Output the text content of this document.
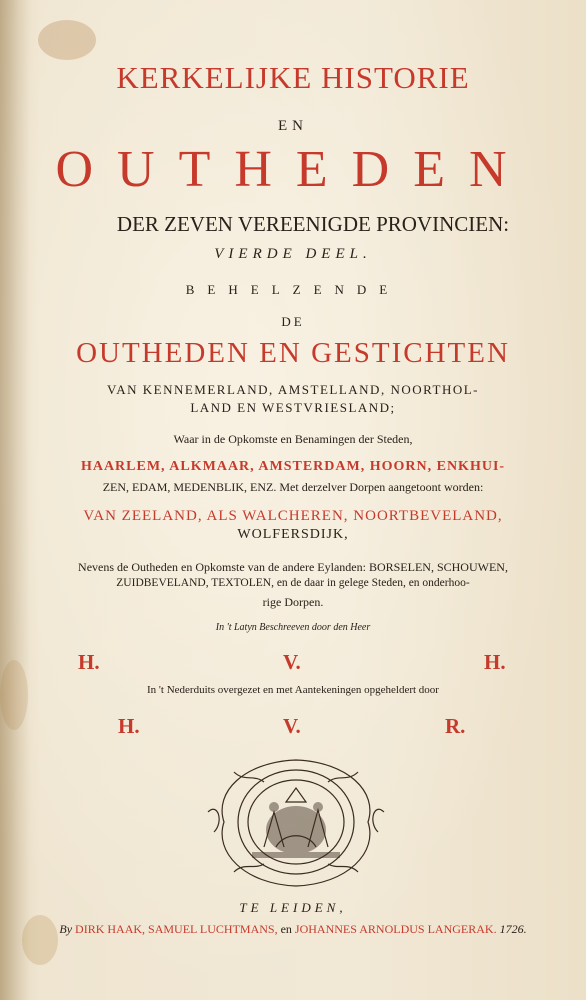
KERKELIJKE HISTORIE
EN
OUTHEDEN
DER ZEVEN VEREENIGDE PROVINCIEN:
VIERDE DEEL.
BEHELZENDE
DE
OUTHEDEN EN GESTICHTEN
VAN KENNEMERLAND, AMSTELLAND, NOORTHOL-
LAND EN WESTVRIESLAND;
Waar in de Opkomste en Benamingen der Steden,
HAARLEM, ALKMAAR, AMSTERDAM, HOORN, ENKHUI-
ZEN, EDAM, MEDENBLIK, ENZ. Met derzelver Dorpen aangetoont worden:
VAN ZEELAND, ALS WALCHEREN, NOORTBEVELAND,
WOLFERSDIJK,
Nevens de Outheden en Opkomste van de andere Eylanden: BORSELEN, SCHOUWEN,
ZUIDBEVELAND, TEXTOLEN, en de daar in gelege Steden, en onderhoo-
rige Dorpen.
In 't Latyn Beschreeven door den Heer
H.	V.	H.
In 't Nederduits overgezet en met Aantekeningen opgeheldert door
H.	V.	R.
TE LEIDEN,
By DIRK HAAK, SAMUEL LUCHTMANS, en JOHANNES ARNOLDUS LANGERAK. 1726.
